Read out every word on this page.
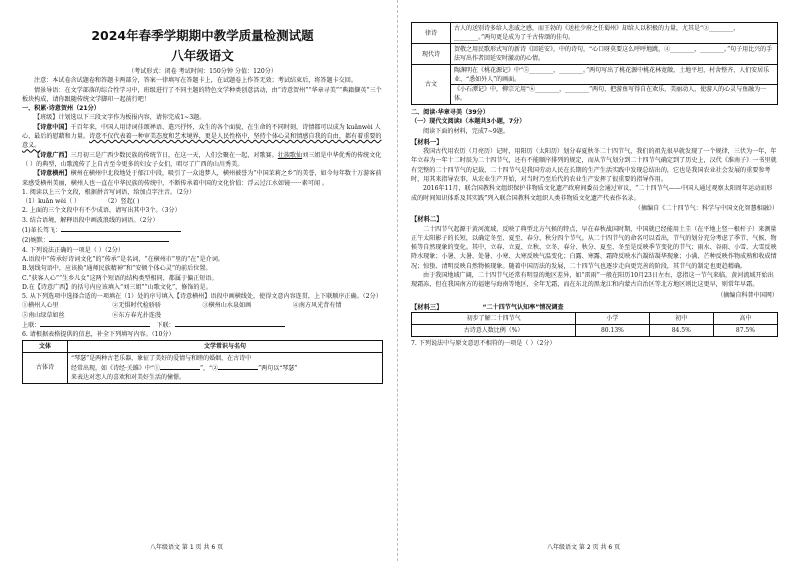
2024年春季学期期中教学质量检测试题
八年级语文

（考试形式：闭卷 考试时间：150分钟 分值：120分）

注意：本试卷含试题卷和答题卡两部分，答案一律填写在答题卡上，在试题卷上作答无效；考试结束后，将答题卡交回。

情景导语：在文学部落的综合性学习中，班级进行了不同主题的特色文学种类创意活动，由“诗意贺州”“华章寻美”“典籍撷英”三个板块构成，请你跟随传统文学脚印一起前行吧！

一、积累·诗意贺州（21分）

【班级】计划选以下三段文字作为板报内容，请你完成1~3题。

【诗意中国】千百年来，中国人用诗词佳颂禅语、遣兴抒怀，众生的各个面貌，在生命的不同时刻，诗情都可以成为 kuǎnwèi 人心、最后的慰藉和力量。诗意不仅代表着一种审美态度和艺术境界，更是人民性格中，坚持个体心灵和情感自我的自由，都有着重要的意义。

【诗意广西】三月初三是广西少数民族的传统节日，在这一天，人们会聚在一起，对歌赛。壮族歌仙刘三姐是中华优秀的传统文化（ ）的典型，山歌流传了上自古至今更多的妇女子女们，唱尽了广西的山川秀美。

【诗意横州】横州在横州中北段地处于郁江中段，吸引了一众追梦人，横州被誉为“中国茉莉之乡”的美誉，如今每年数十万游客前来感受横州美丽，横州人也一直在中华民族的传统中，不断传承着中国的文化价值：浮云过江水如镜······素可闻 。

1. 阅读以上三个文段，根据拼音写词语，给加点字注音。（2分）

（1）kuǎn wèi（ ）    	（2）竖起( )

2. 上面的三个文段中有不少成语，请写出其中3个。（3分）

3. 结合语境，解释语段中画波浪线的词语。（2分）

(1)革长驾飞：

(2)婉默：

4. 下列说法正确的一项是（ ）（2分）

A.语段中“传承好诗词文化”的“传承”是名词，“在横州市”里的“在”是介词。

B.划线句语中，应该换“通师民族精神”和“安顿个体心灵”的前后位置。

C.“获客人心”“生乡儿女”这两个短语的结构类型相同，都属于偏正短语。

D.在【诗意广西】的括号内应该填入“刘三姐”“山歌文化”，修饰的是。

5. 从下列选项中选择合适的一项填在（1）处的序号填入【诗意横州】语段中画横线处，使得文意内容连贯，上下联顺序正确。（2分）

①横州人心里	②无惧时代检骄骄	③横州山水泉如画	④南方风光背有情
⑤南山绿草如丝	⑥东方春光扑连漫

上联： 	下联：

6. 请根据表格提供的信息，补全下列填写内容。（10分）

文体	文学常识与名句
古体诗	“琴瑟”是两种古老乐器，象征了美好的爱情与和睦的婚姻，在古诗中
经常出现。如《诗经·关雎》中“① ”，“② ”两句以“琴瑟”
来表达对恋人的喜欢和对美好生活的憧憬。
八年级语文 第 1 页 共 6 页
律诗	古人的送别诗多给人悲戚之感，而王勃的《送杜少府之任蜀州》却给人以积极的力量，尤其是“③________，________。”两句更是成为了千古传颂的佳句。
现代诗	贺敬之用民歌形式写的新诗《回延安》，中的诗句，“心口呀莫要这么呼呼地跳，④________，________。”句子用比兴的手法写出作者回延安时激动的心情。
古文	陶渊明在《桃花源记》中“⑤________，________。”两句写出了桃花源中桃花林宽敞，土地平坦、村舍整齐、人们安居乐业、“悉如外人”的画面。
《小石潭记》中，柳宗元用“⑥________，________”两句，把游鱼写得自在欢乐，美丽动人，使游人的心灵与鱼融为一体。

二、阅读·华章寻美（39分）

（一）现代文阅读Ⅰ（本题共3小题，7分）

阅读下面的材料，完成7~9题。

【材料一】

我国古代用农历（月亮历）记时，用阳历（太阳历）划分春夏秋冬二十四节气，我们的祖先很早就发现了一个规律，三伏为一年，年年立春为一年十二时辰为二十四节气，还有不能顺序排列的规定，而从节气划分到二十四节气确定到了历史上，汉代《淮南子》一书里就有完整的二十四节气的记载，二十四节气是我国劳动人民在长期的生产生活实践中发现总结出的，它也是我国农业社会发展的重要参考时，用其来指导农事，从农业生产开始，对当时乃至后代的农业生产发挥了很重要的指导作用。

2016年11月，联合国教科文组织保护非物质文化遗产政府间委员会通过审议，“二十四节气——中国人通过观察太阳周年运动而形成的时间知识体系及其实践”列入联合国教科文组织人类非物质文化遗产代表作名录。

（摘编自《二十四节气：科学与中国文化智慧相融》）

【材料二】

二十四节气起源于黄河流域，反映了典型北方气候的特点，早在春秋战国时期，中国就已经能用土圭（在平地上竖一根杆子）来测量正午太阳影子的长短，以确定冬至、夏至、春分、秋分四个节气。从二十四节气的命名可以看出，节气的划分充分考虑了季节、气候、物候等自然现象的变化。其中，立春、立夏、立秋、立冬、春分、秋分、夏至、冬至是反映季节变化的节气；雨水、谷雨、小雪、大雪反映降水现象；小暑、大暑、处暑、小寒、大寒反映气温变化；白露、寒露、霜降反映水汽凝结凝华现象；小满、芒种反映作物成熟和收成情况；惊蛰、清明反映自然物候现象。随着中国历法的发展，二十四节气也逐步走向更完善的阶段，其节气的制定也更趋精确。

由于我国地域广阔，二十四节气还常有明显的地区差异，如“雷雨”一般在阳历10月23日左右，意指这一节气来临，黄河流域开始出现霜冻，但在我国南方的福建与海南等地区，全年无霜，而在东北的黑龙江和内蒙古自治区等北方地区则比这更早，则常年早霜。

（摘编自科普中国网）

【材料三】	“二十四节气认知率”情况调查

初步了解二十四节气	小学	初中	高中
古诗意人数比例（%）	80.13%	84.5%	87.5%

7. 下列说法中与原文意思不相符的一项是（ ）（2分）

八年级语文 第 2 页 共 6 页
